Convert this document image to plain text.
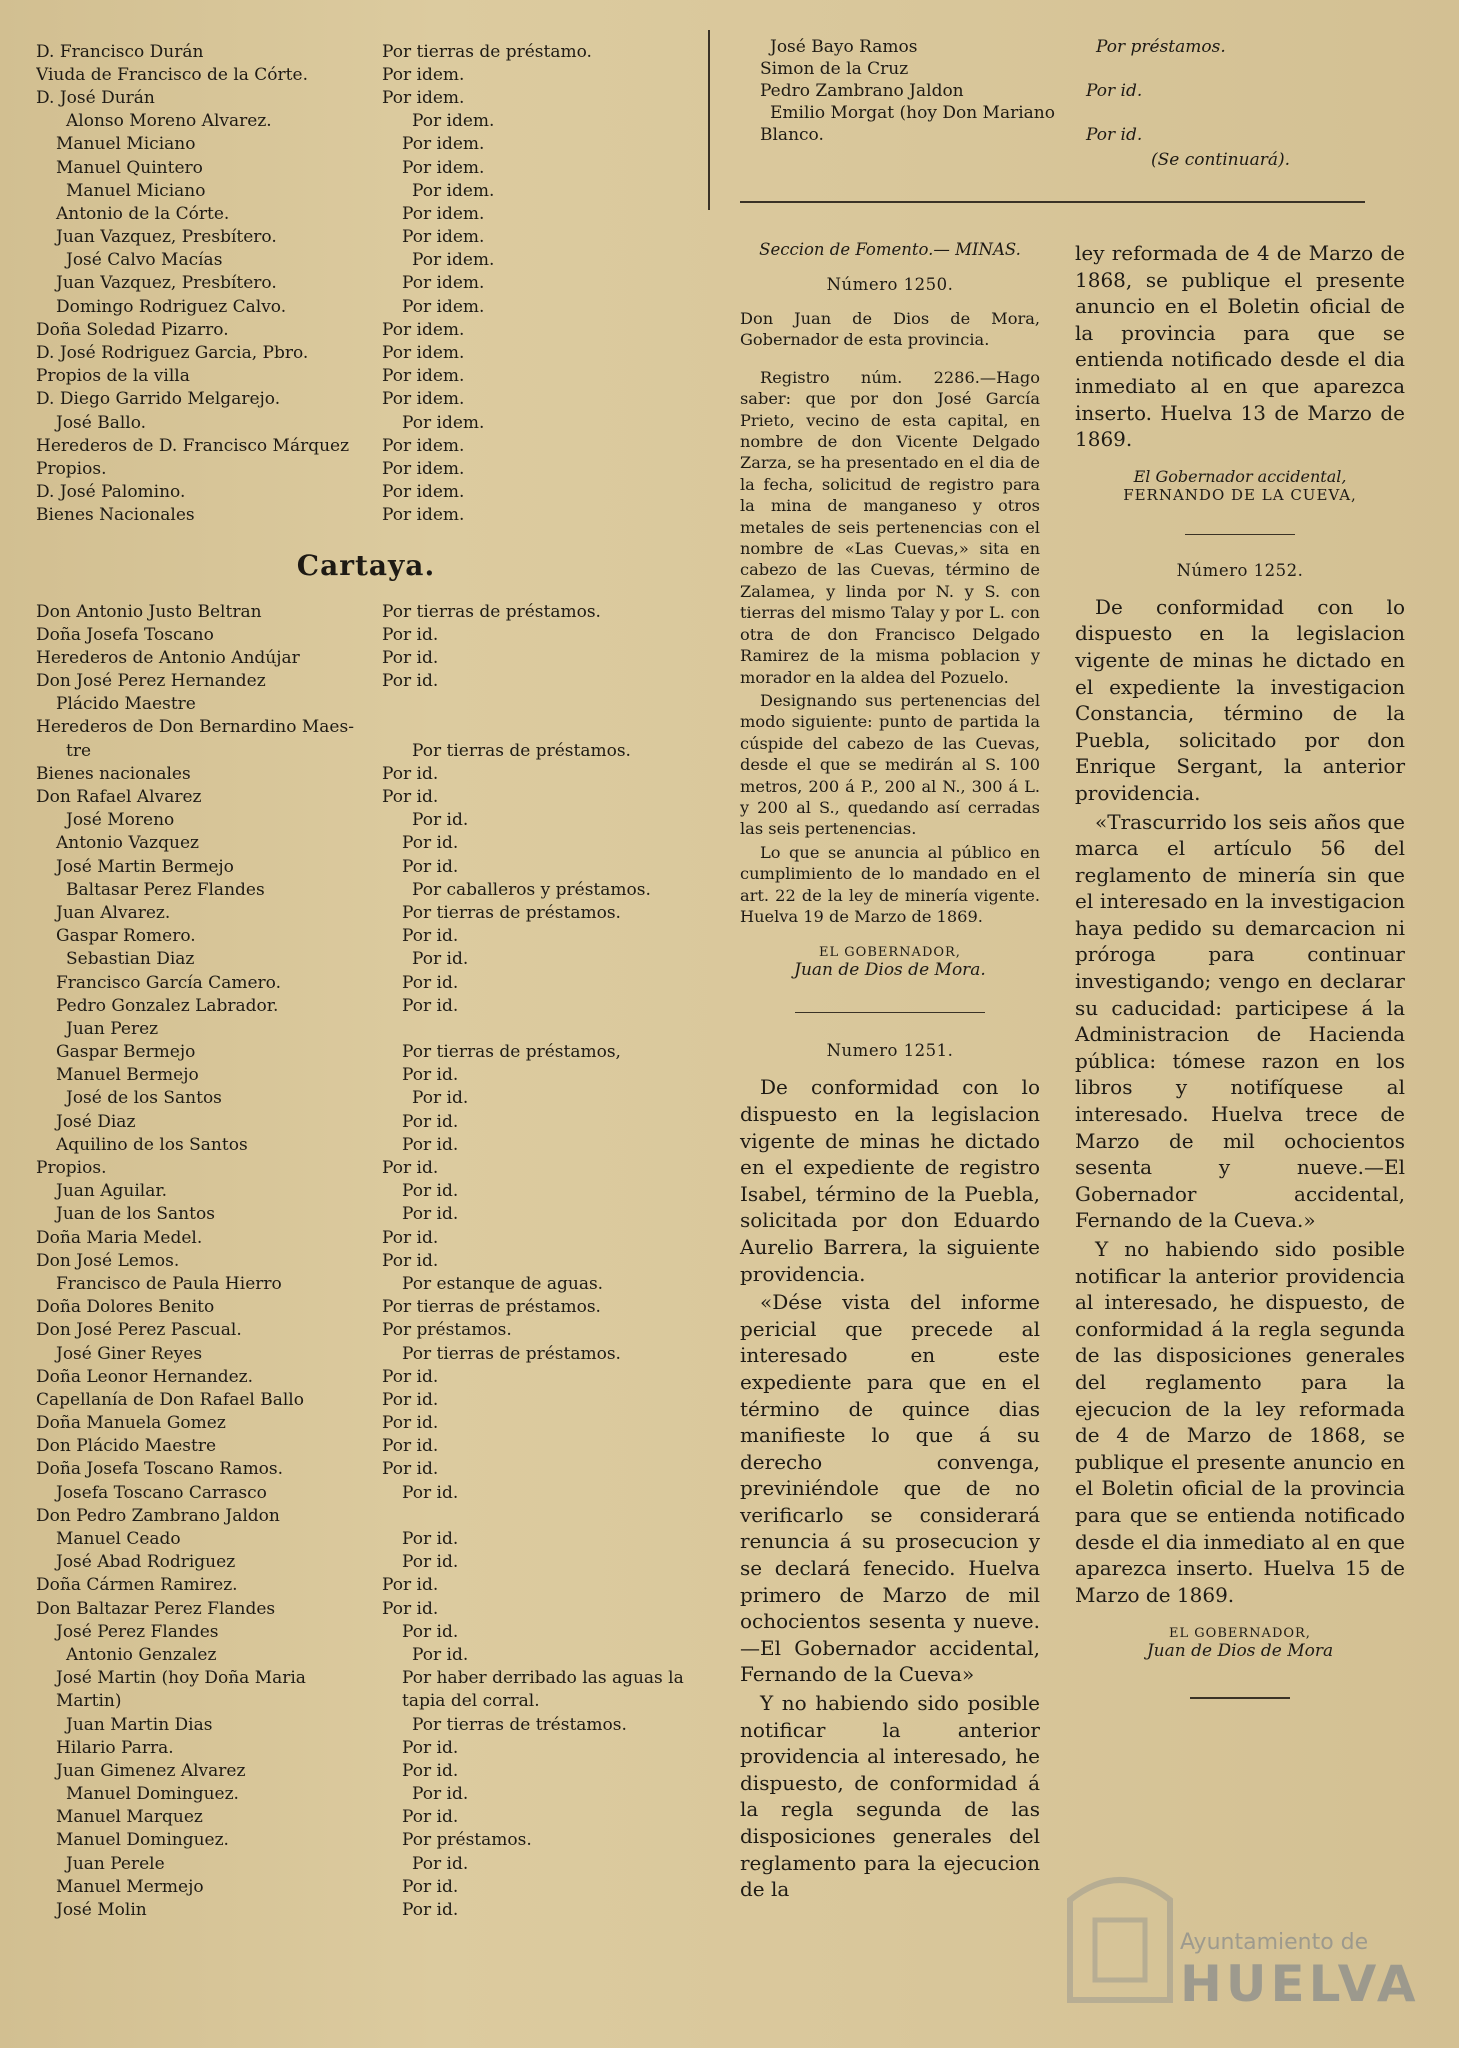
D. Francisco Durán	Por tierras de préstamo.
Viuda de Francisco de la Córte.	Por idem.
D. José Durán	Por idem.
Alonso Moreno Alvarez.	Por idem.
Manuel Miciano	Por idem.
Manuel Quintero	Por idem.
Manuel Miciano	Por idem.
Antonio de la Córte.	Por idem.
Juan Vazquez, Presbítero.	Por idem.
José Calvo Macías	Por idem.
Juan Vazquez, Presbítero.	Por idem.
Domingo Rodriguez Calvo.	Por idem.
Doña Soledad Pizarro.	Por idem.
D. José Rodriguez Garcia, Pbro.	Por idem.
Propios de la villa	Por idem.
D. Diego Garrido Melgarejo.	Por idem.
José Ballo.	Por idem.
Herederos de D. Francisco Márquez	Por idem.
Propios.	Por idem.
D. José Palomino.	Por idem.
Bienes Nacionales	Por idem.
Cartaya.
Don Antonio Justo Beltran	Por tierras de préstamos.
Doña Josefa Toscano	Por id.
Herederos de Antonio Andújar	Por id.
Don José Perez Hernandez	Por id.
Plácido Maestre
Herederos de Don Bernardino Maes-
tre	Por tierras de préstamos.
Bienes nacionales	Por id.
Don Rafael Alvarez	Por id.
José Moreno	Por id.
Antonio Vazquez	Por id.
José Martin Bermejo	Por id.
Baltasar Perez Flandes	Por caballeros y préstamos.
Juan Alvarez.	Por tierras de préstamos.
Gaspar Romero.	Por id.
Sebastian Diaz	Por id.
Francisco García Camero.	Por id.
Pedro Gonzalez Labrador.	Por id.
Juan Perez
Gaspar Bermejo	Por tierras de préstamos,
Manuel Bermejo	Por id.
José de los Santos	Por id.
José Diaz	Por id.
Aquilino de los Santos	Por id.
Propios.	Por id.
Juan Aguilar.	Por id.
Juan de los Santos	Por id.
Doña Maria Medel.	Por id.
Don José Lemos.	Por id.
Francisco de Paula Hierro	Por estanque de aguas.
Doña Dolores Benito	Por tierras de préstamos.
Don José Perez Pascual.	Por préstamos.
José Giner Reyes	Por tierras de préstamos.
Doña Leonor Hernandez.	Por id.
Capellanía de Don Rafael Ballo	Por id.
Doña Manuela Gomez	Por id.
Don Plácido Maestre	Por id.
Doña Josefa Toscano Ramos.	Por id.
Josefa Toscano Carrasco	Por id.
Don Pedro Zambrano Jaldon
Manuel Ceado	Por id.
José Abad Rodriguez	Por id.
Doña Cármen Ramirez.	Por id.
Don Baltazar Perez Flandes	Por id.
José Perez Flandes	Por id.
Antonio Genzalez	Por id.
José Martin (hoy Doña Maria	Por haber derribado las aguas la
Martin)	tapia del corral.
Juan Martin Dias	Por tierras de tréstamos.
Hilario Parra.	Por id.
Juan Gimenez Alvarez	Por id.
Manuel Dominguez.	Por id.
Manuel Marquez	Por id.
Manuel Dominguez.	Por préstamos.
Juan Perele	Por id.
Manuel Mermejo	Por id.
José Molin	Por id.
José Bayo Ramos	Por préstamos.
Simon de la Cruz
Pedro Zambrano Jaldon	Por id.
Emilio Morgat (hoy Don Mariano
Blanco.	Por id.
(Se continuará).
Seccion de Fomento.— MINAS.
Número 1250.

Don Juan de Dios de Mora, Gobernador de esta provincia.

Registro núm. 2286.—Hago saber: que por don José García Prieto, vecino de esta capital, en nombre de don Vicente Delgado Zarza, se ha presentado en el dia de la fecha, solicitud de registro para la mina de manganeso y otros metales de seis pertenencias con el nombre de «Las Cuevas,» sita en cabezo de las Cuevas, término de Zalamea, y linda por N. y S. con tierras del mismo Talay y por L. con otra de don Francisco Delgado Ramirez de la misma poblacion y morador en la aldea del Pozuelo.

Designando sus pertenencias del modo siguiente: punto de partida la cúspide del cabezo de las Cuevas, desde el que se medirán al S. 100 metros, 200 á P., 200 al N., 300 á L. y 200 al S., quedando así cerradas las seis pertenencias.

Lo que se anuncia al público en cumplimiento de lo mandado en el art. 22 de la ley de minería vigente. Huelva 19 de Marzo de 1869.

EL GOBERNADOR,
Juan de Dios de Mora.
Numero 1251.

De conformidad con lo dispuesto en la legislacion vigente de minas he dictado en el expediente de registro Isabel, término de la Puebla, solicitada por don Eduardo Aurelio Barrera, la siguiente providencia.

«Dése vista del informe pericial que precede al interesado en este expediente para que en el término de quince dias manifieste lo que á su derecho convenga, previniéndole que de no verificarlo se considerará renuncia á su prosecucion y se declará fenecido. Huelva primero de Marzo de mil ochocientos sesenta y nueve.—El Gobernador accidental, Fernando de la Cueva»

Y no habiendo sido posible notificar la anterior providencia al interesado, he dispuesto, de conformidad á la regla segunda de las disposiciones generales del reglamento para la ejecucion de la

ley reformada de 4 de Marzo de 1868, se publique el presente anuncio en el Boletin oficial de la provincia para que se entienda notificado desde el dia inmediato al en que aparezca inserto. Huelva 13 de Marzo de 1869.

El Gobernador accidental,
FERNANDO DE LA CUEVA,
Número 1252.

De conformidad con lo dispuesto en la legislacion vigente de minas he dictado en el expediente la investigacion Constancia, término de la Puebla, solicitado por don Enrique Sergant, la anterior providencia.

«Trascurrido los seis años que marca el artículo 56 del reglamento de minería sin que el interesado en la investigacion haya pedido su demarcacion ni próroga para continuar investigando; vengo en declarar su caducidad: participese á la Administracion de Hacienda pública: tómese razon en los libros y notifíquese al interesado. Huelva trece de Marzo de mil ochocientos sesenta y nueve.—El Gobernador accidental, Fernando de la Cueva.»

Y no habiendo sido posible notificar la anterior providencia al interesado, he dispuesto, de conformidad á la regla segunda de las disposiciones generales del reglamento para la ejecucion de la ley reformada de 4 de Marzo de 1868, se publique el presente anuncio en el Boletin oficial de la provincia para que se entienda notificado desde el dia inmediato al en que aparezca inserto. Huelva 15 de Marzo de 1869.

EL GOBERNADOR,
Juan de Dios de Mora
Ayuntamiento de
HUELVA
